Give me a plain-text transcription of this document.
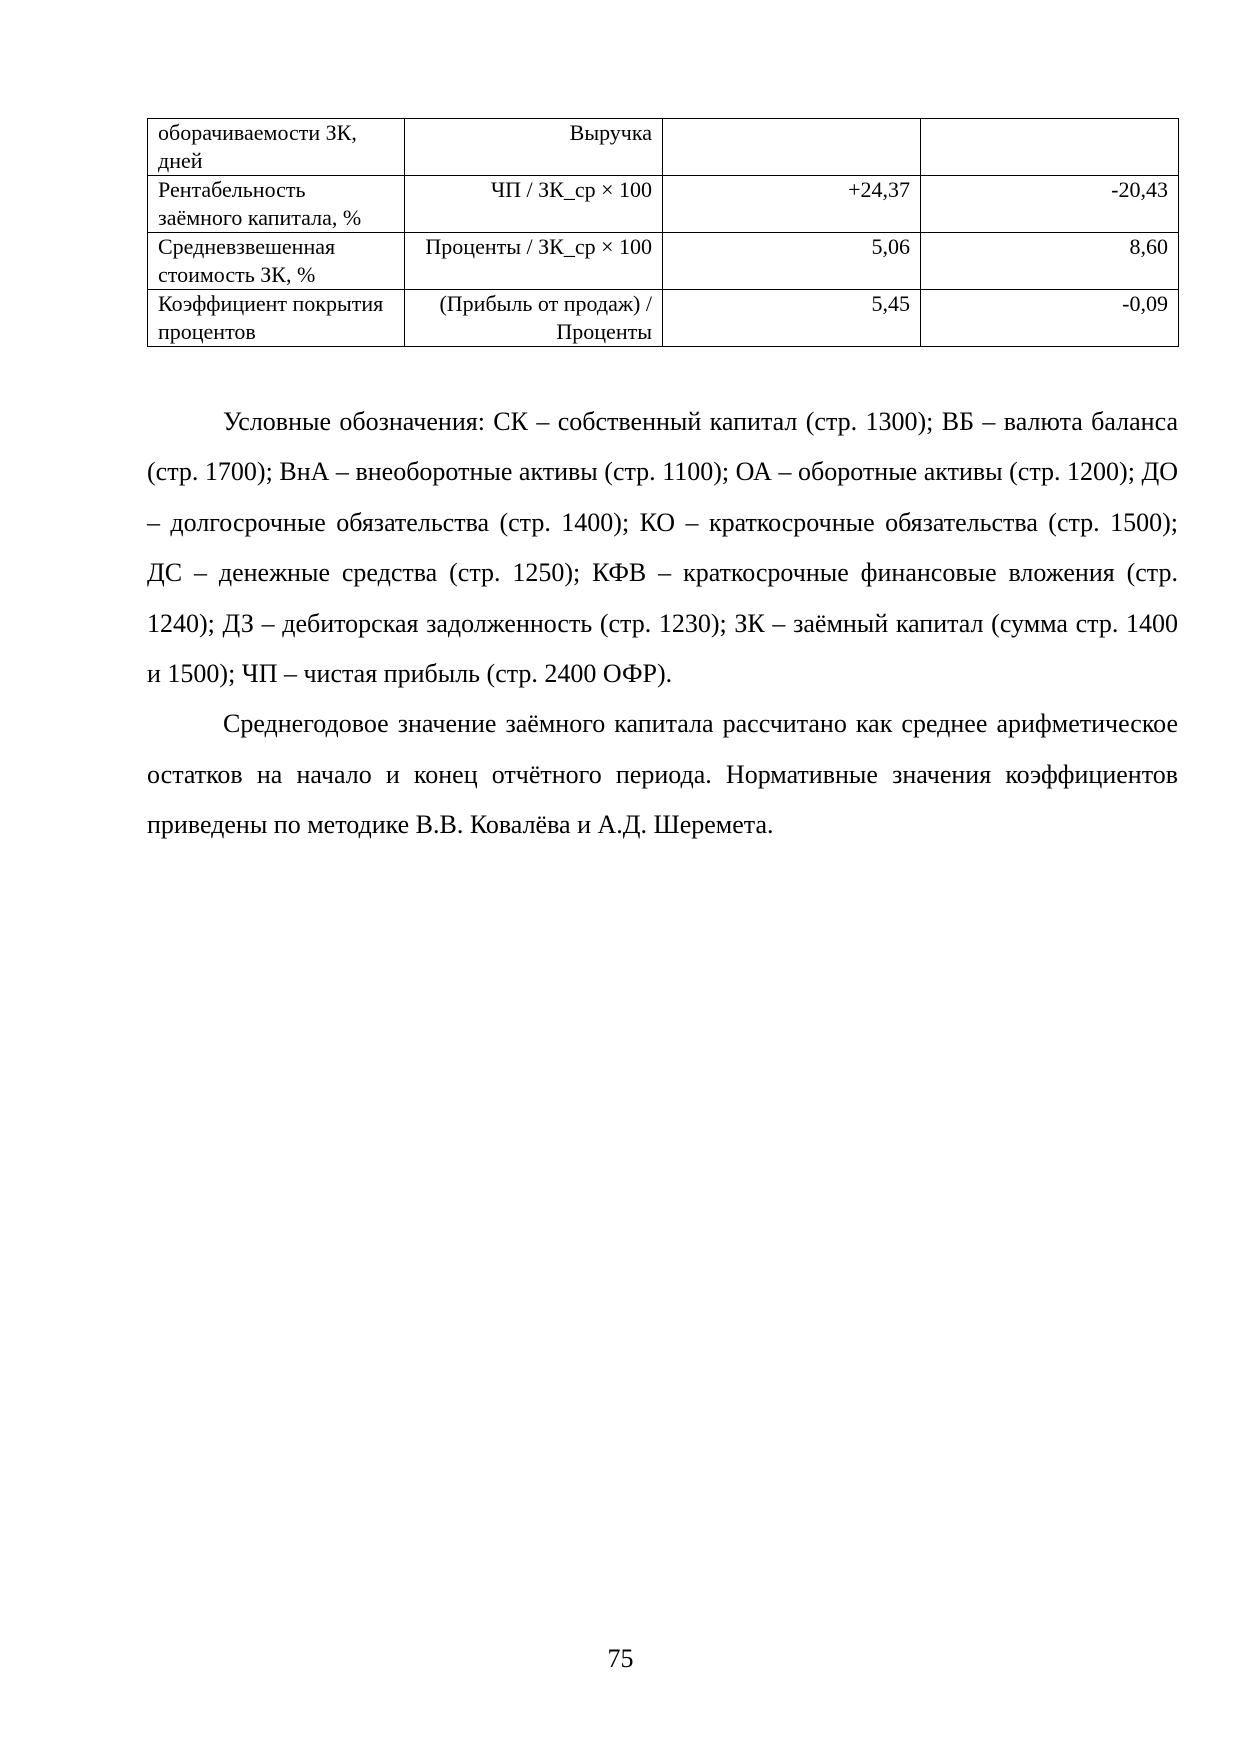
оборачиваемости ЗК, дней	Выручка		
Рентабельность заёмного капитала, %	ЧП / ЗК_ср × 100	+24,37	-20,43
Средневзвешенная стоимость ЗК, %	Проценты / ЗК_ср × 100	5,06	8,60
Коэффициент покрытия процентов	(Прибыль от продаж) / Проценты	5,45	-0,09

Условные обозначения: СК – собственный капитал (стр. 1300); ВБ – валюта баланса (стр. 1700); ВнА – внеоборотные активы (стр. 1100); ОА – оборотные активы (стр. 1200); ДО – долгосрочные обязательства (стр. 1400); КО – краткосрочные обязательства (стр. 1500); ДС – денежные средства (стр. 1250); КФВ – краткосрочные финансовые вложения (стр. 1240); ДЗ – дебиторская задолженность (стр. 1230); ЗК – заёмный капитал (сумма стр. 1400 и 1500); ЧП – чистая прибыль (стр. 2400 ОФР).

Среднегодовое значение заёмного капитала рассчитано как среднее арифметическое остатков на начало и конец отчётного периода. Нормативные значения коэффициентов приведены по методике В.В. Ковалёва и А.Д. Шеремета.

75
